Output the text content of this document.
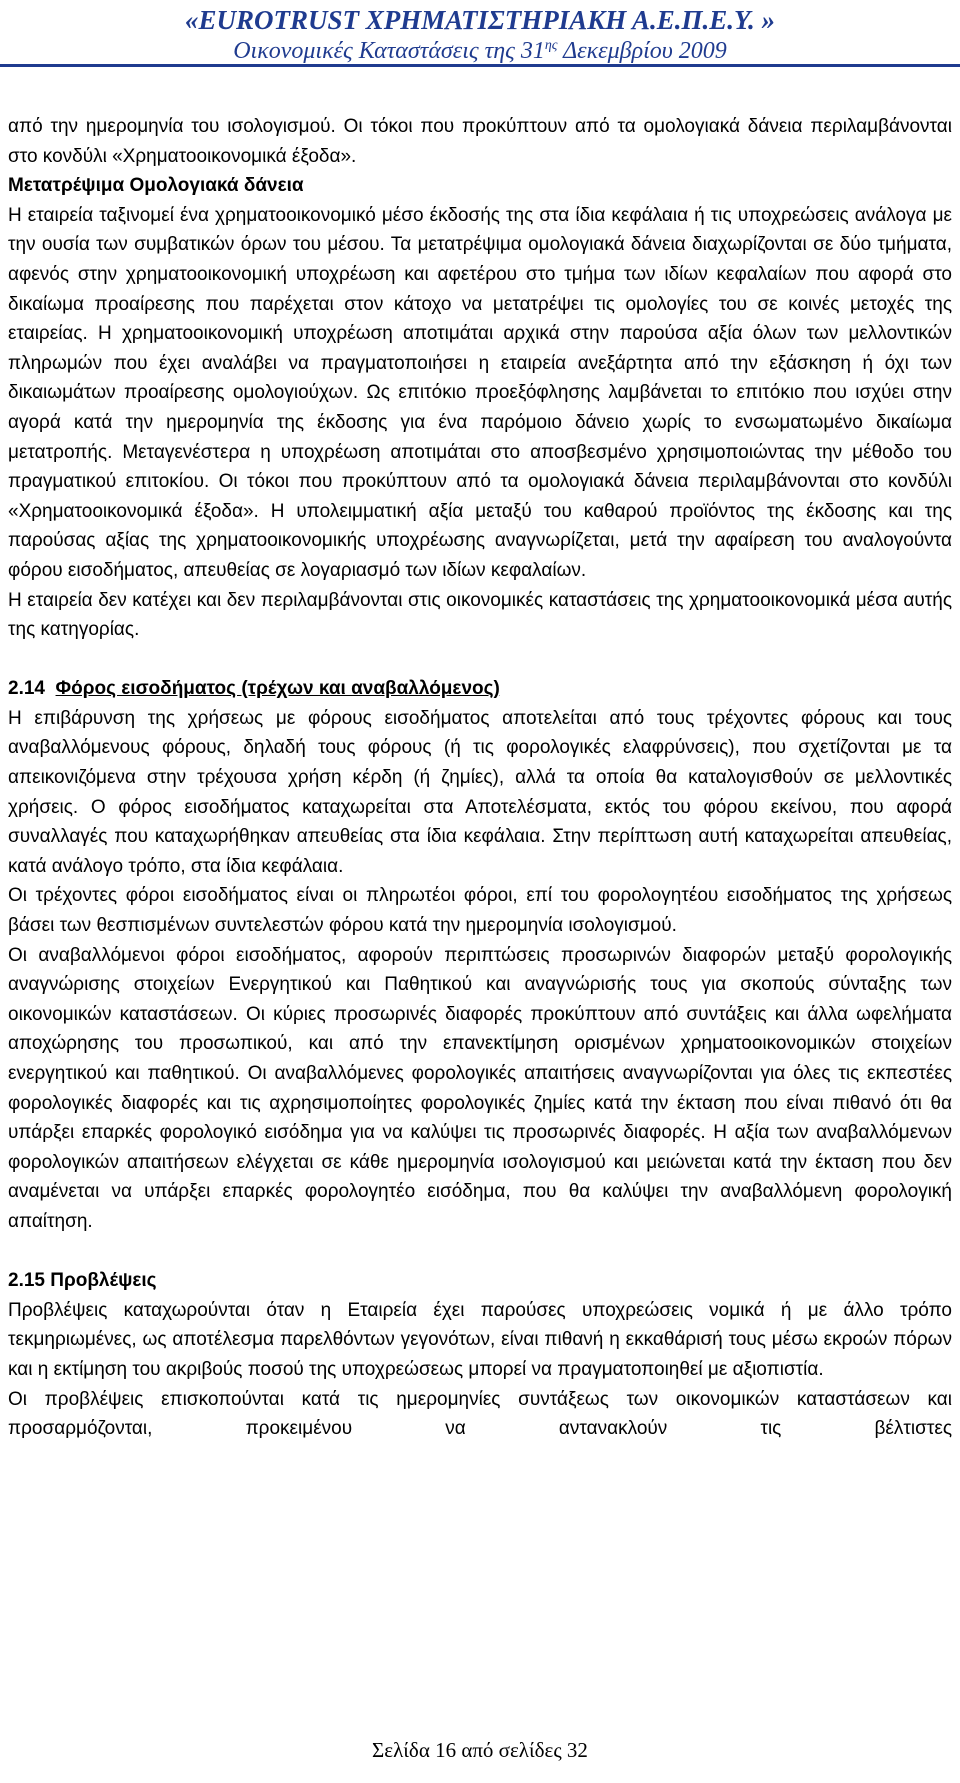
«EUROTRUST ΧΡΗΜΑΤΙΣΤΗΡΙΑΚΗ Α.Ε.Π.Ε.Υ. »
Οικονομικές Καταστάσεις της $31^{\eta\varsigma}$ Δεκεμβρίου 2009

από την ημερομηνία του ισολογισμού. Οι τόκοι που προκύπτουν από τα ομολογιακά δάνεια περιλαμβάνονται στο κονδύλι «Χρηματοοικονομικά έξοδα».

Μετατρέψιμα Ομολογιακά δάνεια

Η εταιρεία ταξινομεί ένα χρηματοοικονομικό μέσο έκδοσής της στα ίδια κεφάλαια ή τις υποχρεώσεις ανάλογα με την ουσία των συμβατικών όρων του μέσου. Τα μετατρέψιμα ομολογιακά δάνεια διαχωρίζονται σε δύο τμήματα, αφενός στην χρηματοοικονομική υποχρέωση και αφετέρου στο τμήμα των ιδίων κεφαλαίων που αφορά στο δικαίωμα προαίρεσης που παρέχεται στον κάτοχο να μετατρέψει τις ομολογίες του σε κοινές μετοχές της εταιρείας. Η χρηματοοικονομική υποχρέωση αποτιμάται αρχικά στην παρούσα αξία όλων των μελλοντικών πληρωμών που έχει αναλάβει να πραγματοποιήσει η εταιρεία ανεξάρτητα από την εξάσκηση ή όχι των δικαιωμάτων προαίρεσης ομολογιούχων. Ως επιτόκιο προεξόφλησης λαμβάνεται το επιτόκιο που ισχύει στην αγορά κατά την ημερομηνία της έκδοσης για ένα παρόμοιο δάνειο χωρίς το ενσωματωμένο δικαίωμα μετατροπής. Μεταγενέστερα η υποχρέωση αποτιμάται στο αποσβεσμένο χρησιμοποιώντας την μέθοδο του πραγματικού επιτοκίου. Οι τόκοι που προκύπτουν από τα ομολογιακά δάνεια περιλαμβάνονται στο κονδύλι «Χρηματοοικονομικά έξοδα». Η υπολειμματική αξία μεταξύ του καθαρού προϊόντος της έκδοσης και της παρούσας αξίας της χρηματοοικονομικής υποχρέωσης αναγνωρίζεται, μετά την αφαίρεση του αναλογούντα φόρου εισοδήματος, απευθείας σε λογαριασμό των ιδίων κεφαλαίων.

Η εταιρεία δεν κατέχει και δεν περιλαμβάνονται στις οικονομικές καταστάσεις της χρηματοοικονομικά μέσα αυτής της κατηγορίας.

2.14 Φόρος εισοδήματος (τρέχων και αναβαλλόμενος)

Η επιβάρυνση της χρήσεως με φόρους εισοδήματος αποτελείται από τους τρέχοντες φόρους και τους αναβαλλόμενους φόρους, δηλαδή τους φόρους (ή τις φορολογικές ελαφρύνσεις), που σχετίζονται με τα απεικονιζόμενα στην τρέχουσα χρήση κέρδη (ή ζημίες), αλλά τα οποία θα καταλογισθούν σε μελλοντικές χρήσεις. Ο φόρος εισοδήματος καταχωρείται στα Αποτελέσματα, εκτός του φόρου εκείνου, που αφορά συναλλαγές που καταχωρήθηκαν απευθείας στα ίδια κεφάλαια. Στην περίπτωση αυτή καταχωρείται απευθείας, κατά ανάλογο τρόπο, στα ίδια κεφάλαια.

Οι τρέχοντες φόροι εισοδήματος είναι οι πληρωτέοι φόροι, επί του φορολογητέου εισοδήματος της χρήσεως βάσει των θεσπισμένων συντελεστών φόρου κατά την ημερομηνία ισολογισμού.

Οι αναβαλλόμενοι φόροι εισοδήματος, αφορούν περιπτώσεις προσωρινών διαφορών μεταξύ φορολογικής αναγνώρισης στοιχείων Ενεργητικού και Παθητικού και αναγνώρισής τους για σκοπούς σύνταξης των οικονομικών καταστάσεων. Οι κύριες προσωρινές διαφορές προκύπτουν από συντάξεις και άλλα ωφελήματα αποχώρησης του προσωπικού, και από την επανεκτίμηση ορισμένων χρηματοοικονομικών στοιχείων ενεργητικού και παθητικού. Οι αναβαλλόμενες φορολογικές απαιτήσεις αναγνωρίζονται για όλες τις εκπεστέες φορολογικές διαφορές και τις αχρησιμοποίητες φορολογικές ζημίες κατά την έκταση που είναι πιθανό ότι θα υπάρξει επαρκές φορολογικό εισόδημα για να καλύψει τις προσωρινές διαφορές. Η αξία των αναβαλλόμενων φορολογικών απαιτήσεων ελέγχεται σε κάθε ημερομηνία ισολογισμού και μειώνεται κατά την έκταση που δεν αναμένεται να υπάρξει επαρκές φορολογητέο εισόδημα, που θα καλύψει την αναβαλλόμενη φορολογική απαίτηση.

2.15 Προβλέψεις

Προβλέψεις καταχωρούνται όταν η Εταιρεία έχει παρούσες υποχρεώσεις νομικά ή με άλλο τρόπο τεκμηριωμένες, ως αποτέλεσμα παρελθόντων γεγονότων, είναι πιθανή η εκκαθάρισή τους μέσω εκροών πόρων και η εκτίμηση του ακριβούς ποσού της υποχρεώσεως μπορεί να πραγματοποιηθεί με αξιοπιστία.

Οι προβλέψεις επισκοπούνται κατά τις ημερομηνίες συντάξεως των οικονομικών καταστάσεων και προσαρμόζονται, προκειμένου να αντανακλούν τις βέλτιστες

Σελίδα 16 από σελίδες 32
